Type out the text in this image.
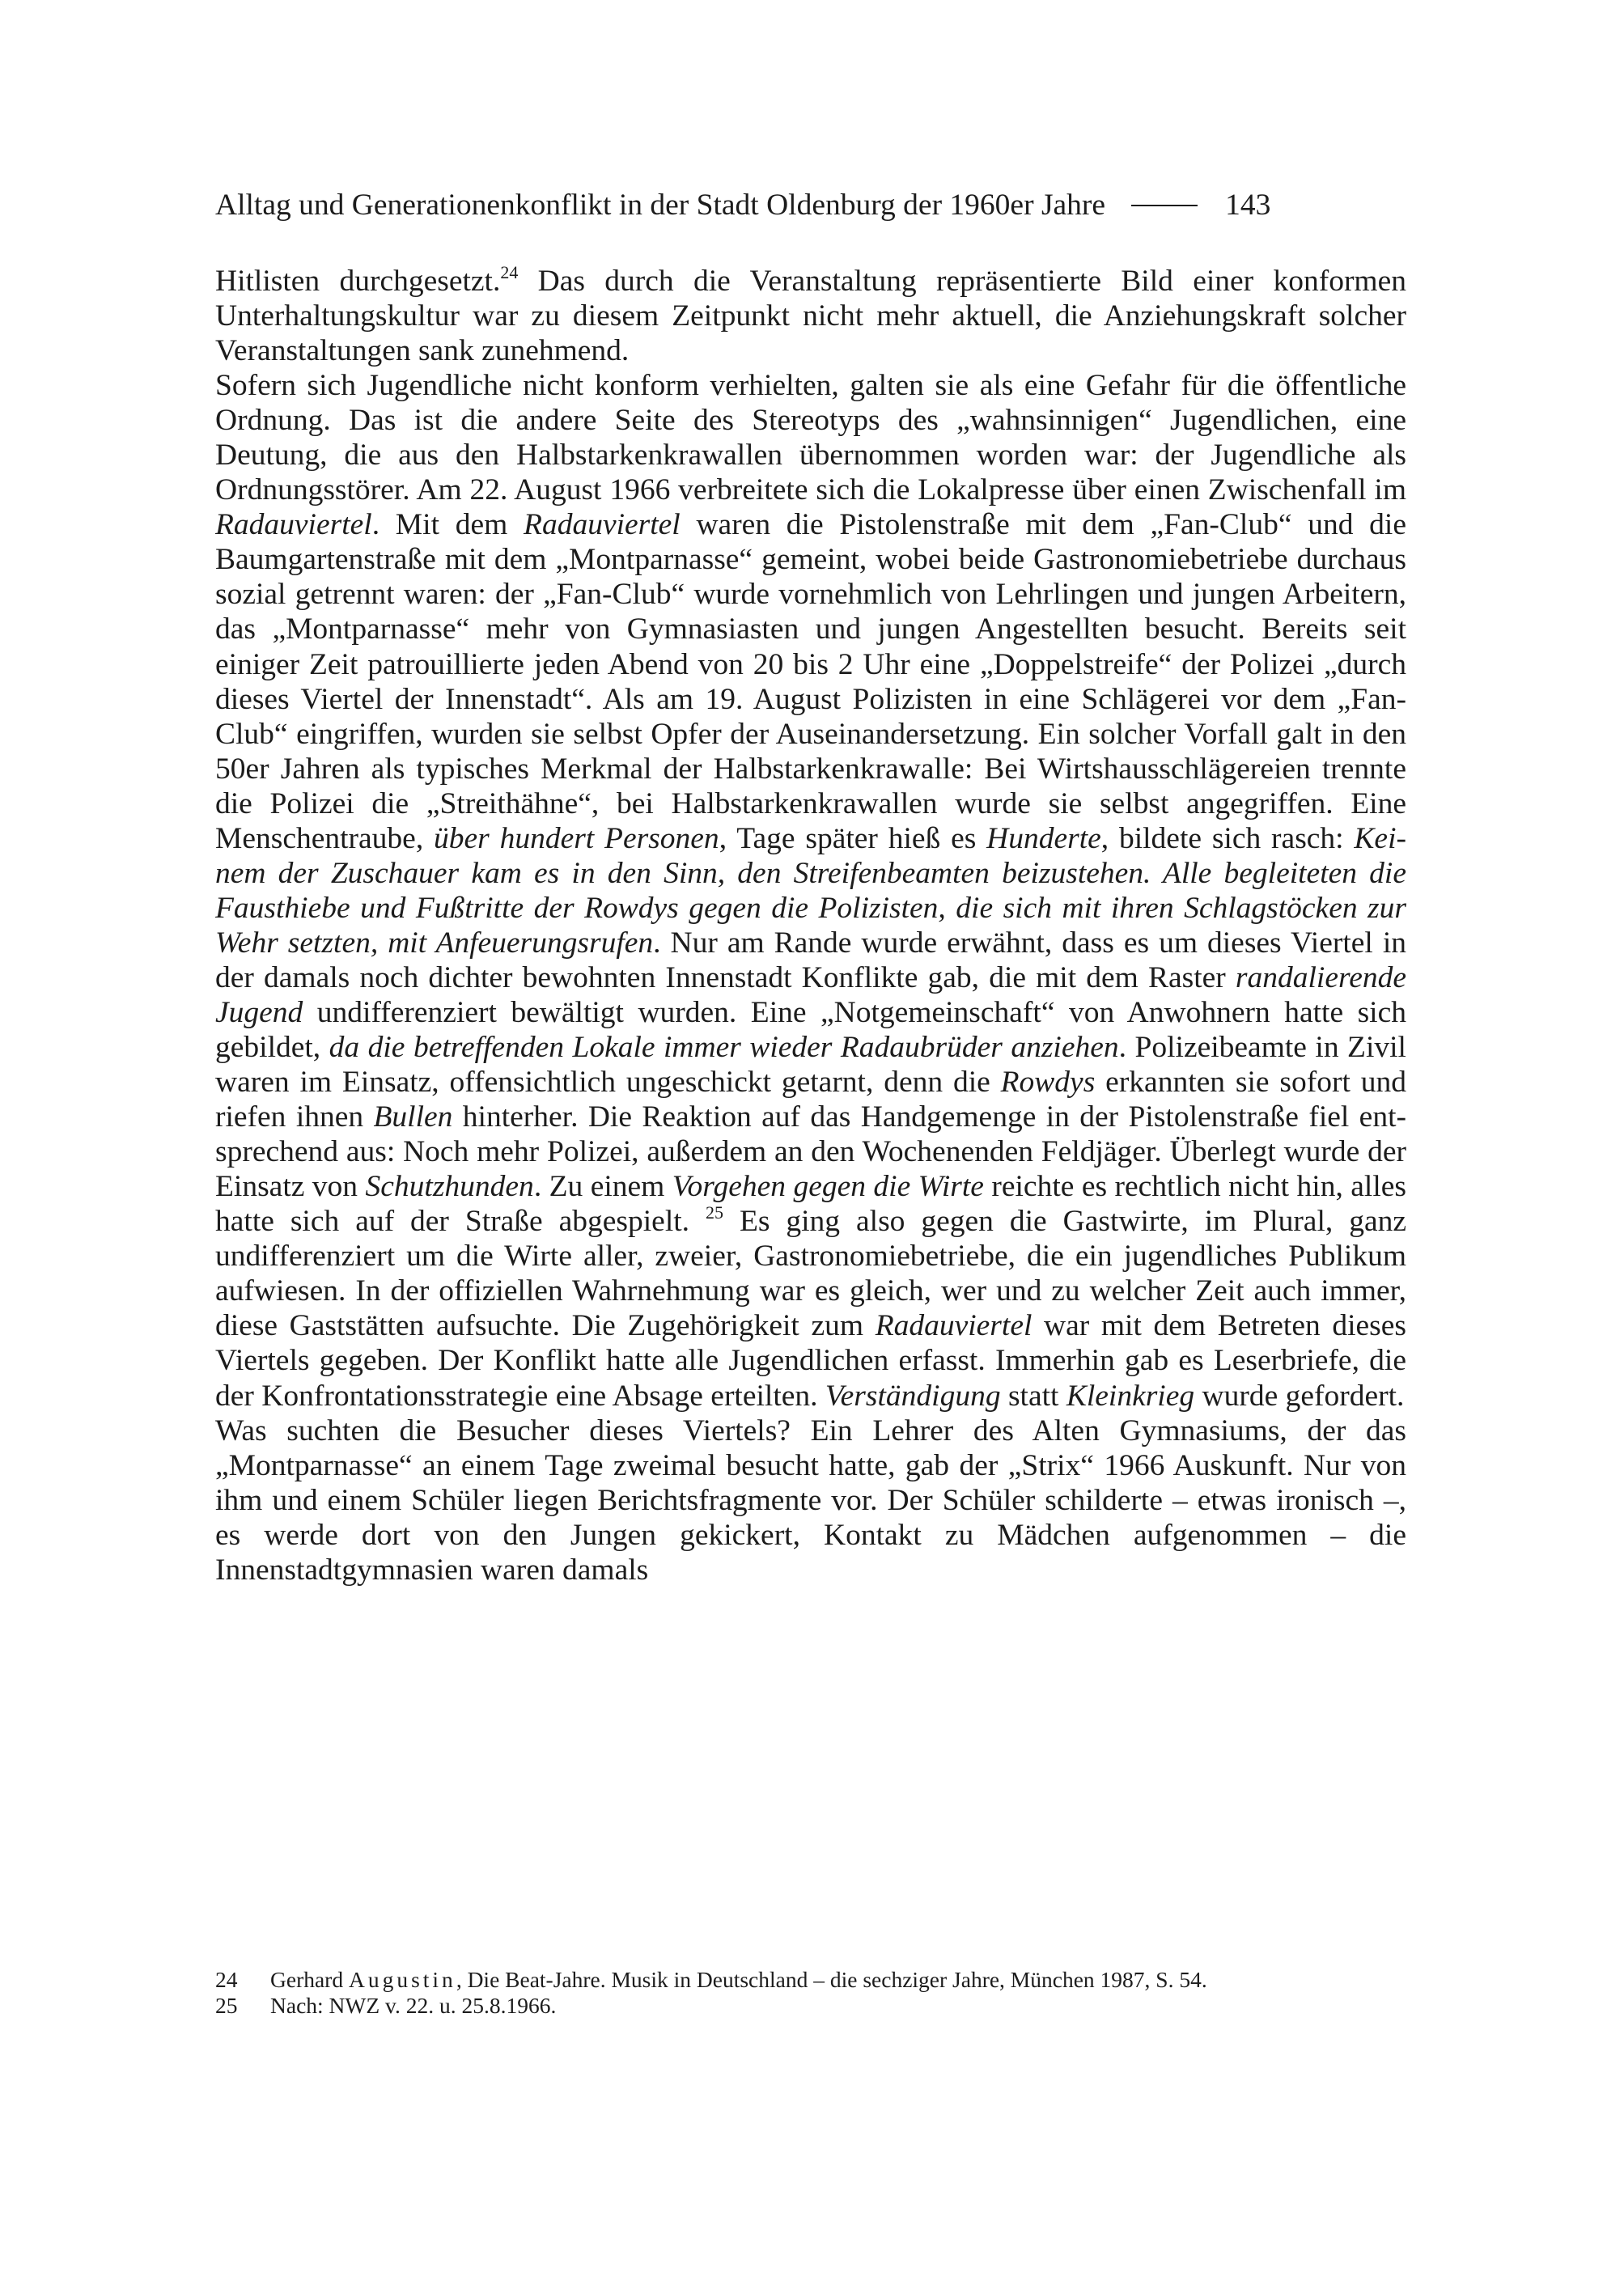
Alltag und Generationenkonflikt in der Stadt Oldenburg der 1960er Jahre	143

Hitlisten durchgesetzt.$^{24}$ Das durch die Veranstaltung repräsentierte Bild einer konformen Unterhaltungskultur war zu diesem Zeitpunkt nicht mehr aktuell, die Anziehungskraft solcher Veranstaltungen sank zunehmend.

Sofern sich Jugendliche nicht konform verhielten, galten sie als eine Gefahr für die öffentliche Ordnung. Das ist die andere Seite des Stereotyps des „wahnsinnigen“ Jugendlichen, eine Deutung, die aus den Halbstarkenkrawallen übernommen worden war: der Jugendliche als Ordnungsstörer. Am 22. August 1966 verbreitete sich die Lokalpresse über einen Zwischenfall im Radauviertel. Mit dem Radauviertel waren die Pistolenstraße mit dem „Fan-Club“ und die Baumgartenstraße mit dem „Montparnasse“ gemeint, wobei beide Gastronomiebetriebe durchaus sozial getrennt waren: der „Fan-Club“ wurde vornehmlich von Lehrlingen und jungen Arbeitern, das „Montparnasse“ mehr von Gymnasiasten und jungen Angestellten besucht. Bereits seit einiger Zeit patrouillierte jeden Abend von 20 bis 2 Uhr eine „Doppelstreife“ der Polizei „durch dieses Viertel der Innenstadt“. Als am 19. August Polizisten in eine Schlägerei vor dem „Fan-Club“ eingriffen, wurden sie selbst Opfer der Auseinandersetzung. Ein solcher Vorfall galt in den 50er Jahren als typisches Merkmal der Halbstarkenkrawalle: Bei Wirtshausschlägereien trennte die Polizei die „Streithähne“, bei Halbstarkenkrawallen wurde sie selbst angegriffen. Eine Menschentraube, über hundert Personen, Tage später hieß es Hunderte, bildete sich rasch: Keinem der Zuschauer kam es in den Sinn, den Streifenbeamten beizustehen. Alle begleiteten die Fausthiebe und Fußtritte der Rowdys gegen die Polizisten, die sich mit ihren Schlagstöcken zur Wehr setzten, mit Anfeuerungsrufen. Nur am Rande wurde erwähnt, dass es um dieses Viertel in der damals noch dichter bewohnten Innenstadt Konflikte gab, die mit dem Raster randalierende Jugend undifferenziert bewältigt wurden. Eine „Notgemeinschaft“ von Anwohnern hatte sich gebildet, da die betreffenden Lokale immer wieder Radaubrüder anziehen. Polizeibeamte in Zivil waren im Einsatz, offensichtlich ungeschickt getarnt, denn die Rowdys erkannten sie sofort und riefen ihnen Bullen hinterher. Die Reaktion auf das Handgemenge in der Pistolenstraße fiel entsprechend aus: Noch mehr Polizei, außerdem an den Wochenenden Feldjäger. Überlegt wurde der Einsatz von Schutzhunden. Zu einem Vorgehen gegen die Wirte reichte es rechtlich nicht hin, alles hatte sich auf der Straße abgespielt. $^{25}$ Es ging also gegen die Gastwirte, im Plural, ganz undifferenziert um die Wirte aller, zweier, Gastronomiebetriebe, die ein jugendliches Publikum aufwiesen. In der offiziellen Wahrnehmung war es gleich, wer und zu welcher Zeit auch immer, diese Gaststätten aufsuchte. Die Zugehörigkeit zum Radauviertel war mit dem Betreten dieses Viertels gegeben. Der Konflikt hatte alle Jugendlichen erfasst. Immerhin gab es Leserbriefe, die der Konfrontationsstrategie eine Absage erteilten. Verständigung statt Kleinkrieg wurde gefordert.

Was suchten die Besucher dieses Viertels? Ein Lehrer des Alten Gymnasiums, der das „Montparnasse“ an einem Tage zweimal besucht hatte, gab der „Strix“ 1966 Auskunft. Nur von ihm und einem Schüler liegen Berichtsfragmente vor. Der Schüler schilderte – etwas ironisch –, es werde dort von den Jungen gekickert, Kontakt zu Mädchen aufgenommen – die Innenstadtgymnasien waren damals

24	Gerhard Augustin, Die Beat-Jahre. Musik in Deutschland – die sechziger Jahre, München 1987, S. 54.
25	Nach: NWZ v. 22. u. 25.8.1966.
